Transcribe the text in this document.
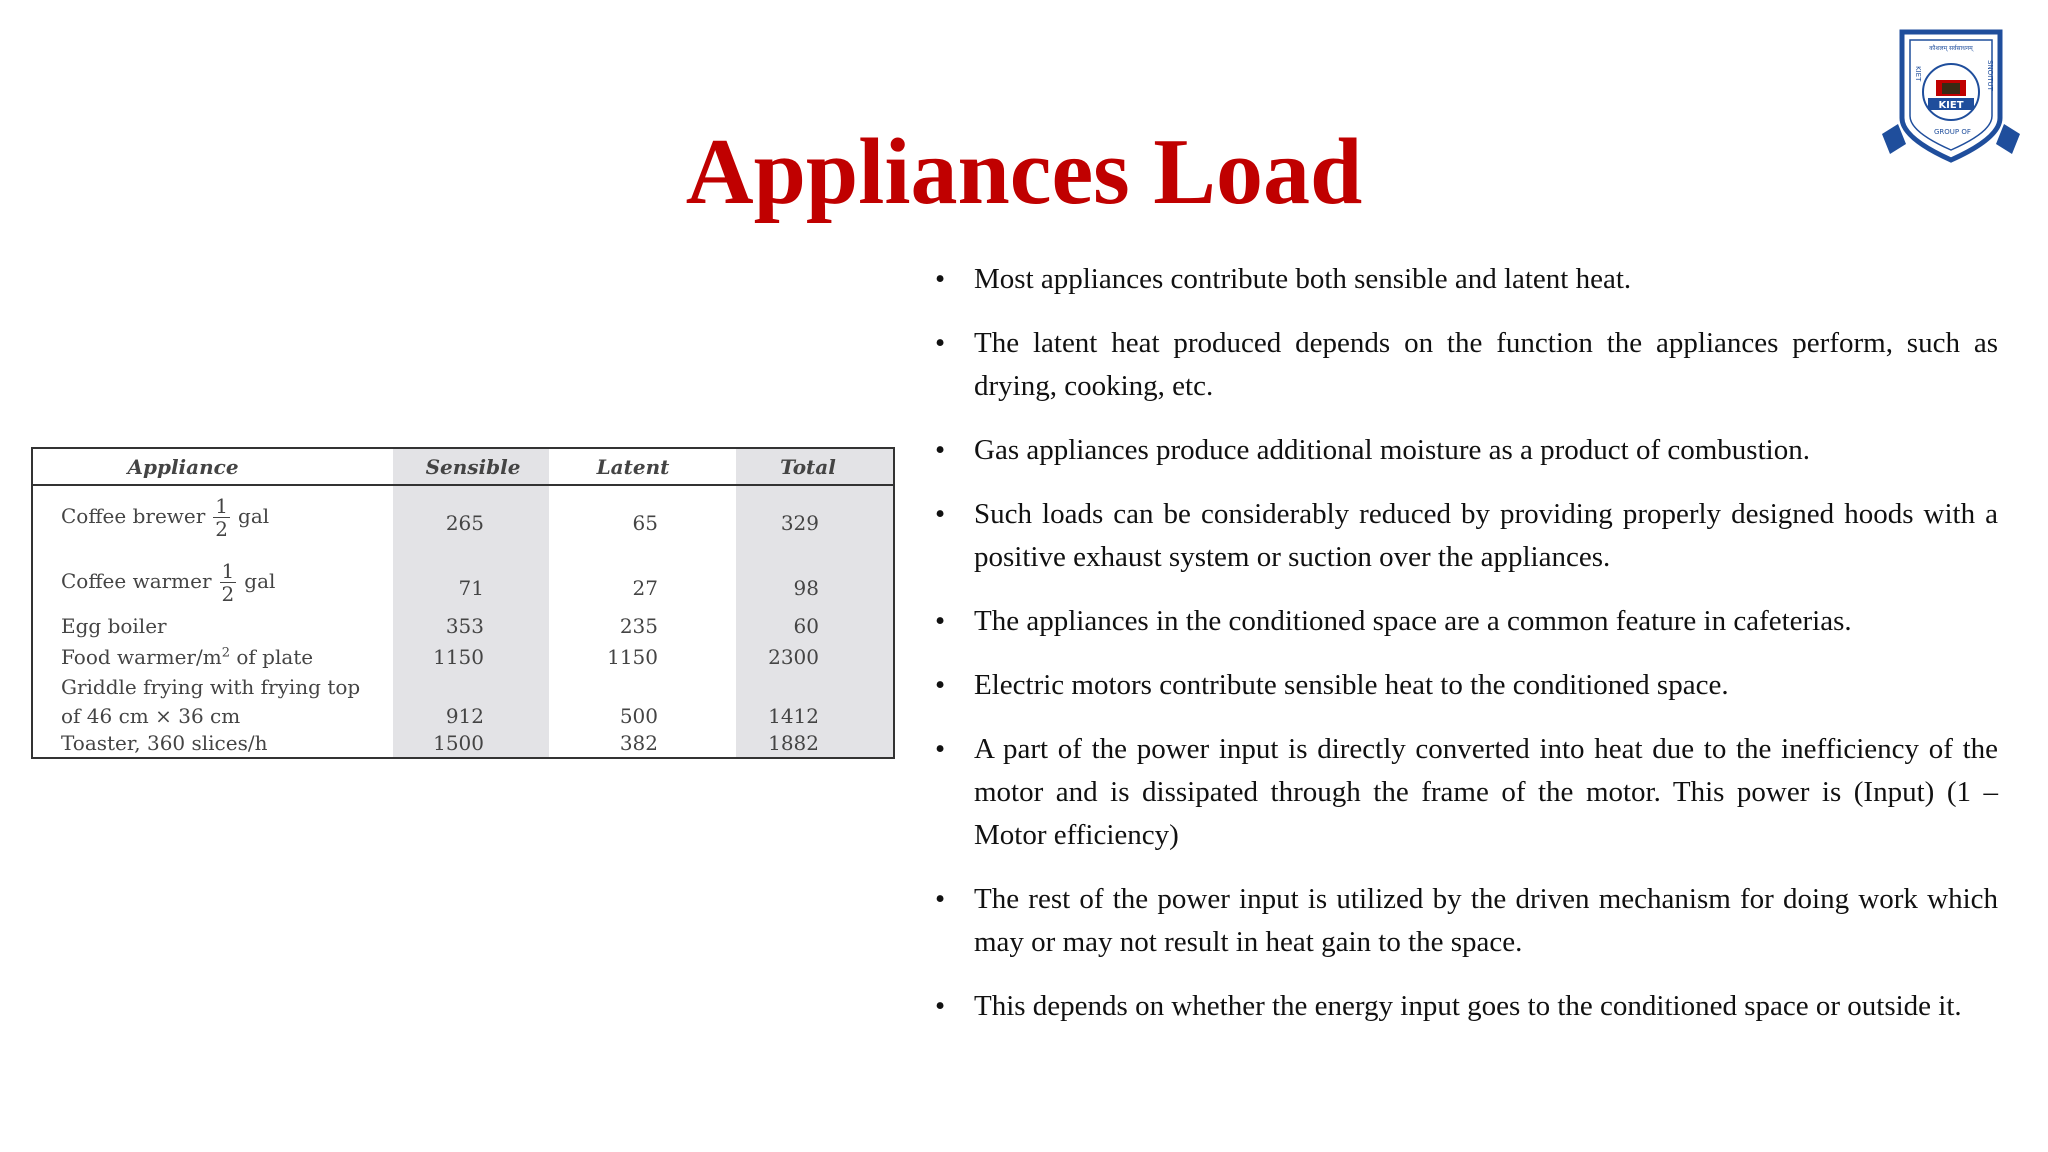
Appliances Load
KIET
कौशलम् सर्वसाधनम्
KIET	SNOITUT
GROUP OF
Appliance	Sensible	Latent	Total
Coffee brewer $\frac{1}{2}$ gal	265	65	329
Coffee warmer $\frac{1}{2}$ gal	71	27	98
Egg boiler	353	235	60
Food warmer/$m^2$ of plate	1150	1150	2300
Griddle frying with frying top
of 46 cm × 36 cm	912	500	1412
Toaster, 360 slices/h	1500	382	1882
• Most appliances contribute both sensible and latent heat.
• The latent heat produced depends on the function the appliances perform, such as drying, cooking, etc.
• Gas appliances produce additional moisture as a product of combustion.
• Such loads can be considerably reduced by providing properly designed hoods with a positive exhaust system or suction over the appliances.
• The appliances in the conditioned space are a common feature in cafeterias.
• Electric motors contribute sensible heat to the conditioned space.
• A part of the power input is directly converted into heat due to the inefficiency of the motor and is dissipated through the frame of the motor. This power is (Input) (1 – Motor efficiency)
• The rest of the power input is utilized by the driven mechanism for doing work which may or may not result in heat gain to the space.
• This depends on whether the energy input goes to the conditioned space or outside it.
